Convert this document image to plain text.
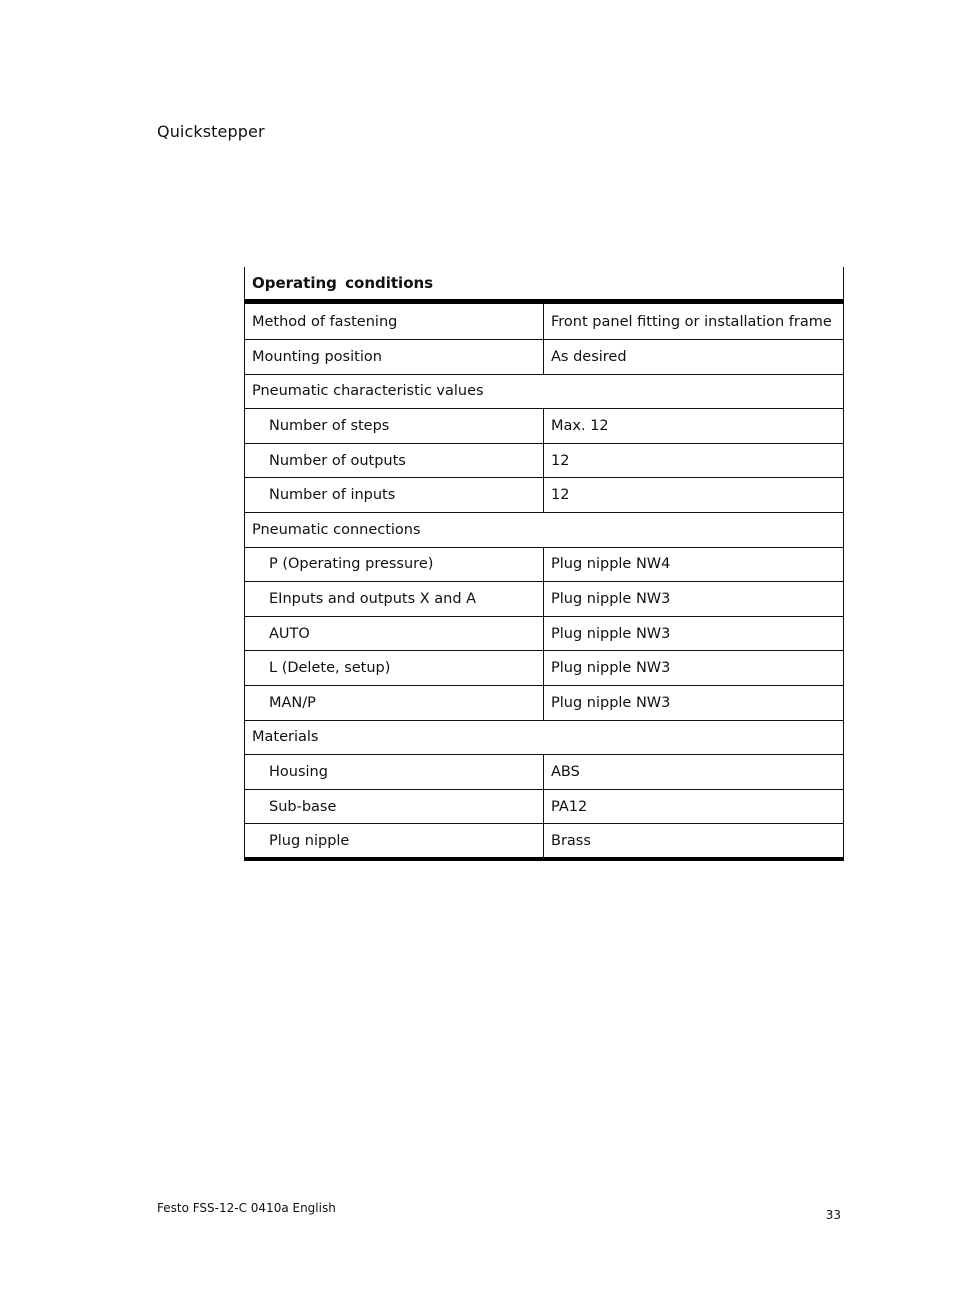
Quickstepper
Operating conditions
Method of fastening	Front panel fitting or installation frame
Mounting position	As desired
Pneumatic characteristic values
Number of steps	Max. 12
Number of outputs	12
Number of inputs	12
Pneumatic connections
P (Operating pressure)	Plug nipple NW4
EInputs and outputs X and A	Plug nipple NW3
AUTO	Plug nipple NW3
L (Delete, setup)	Plug nipple NW3
MAN/P	Plug nipple NW3
Materials
Housing	ABS
Sub-base	PA12
Plug nipple	Brass
Festo FSS-12-C 0410a English	33
